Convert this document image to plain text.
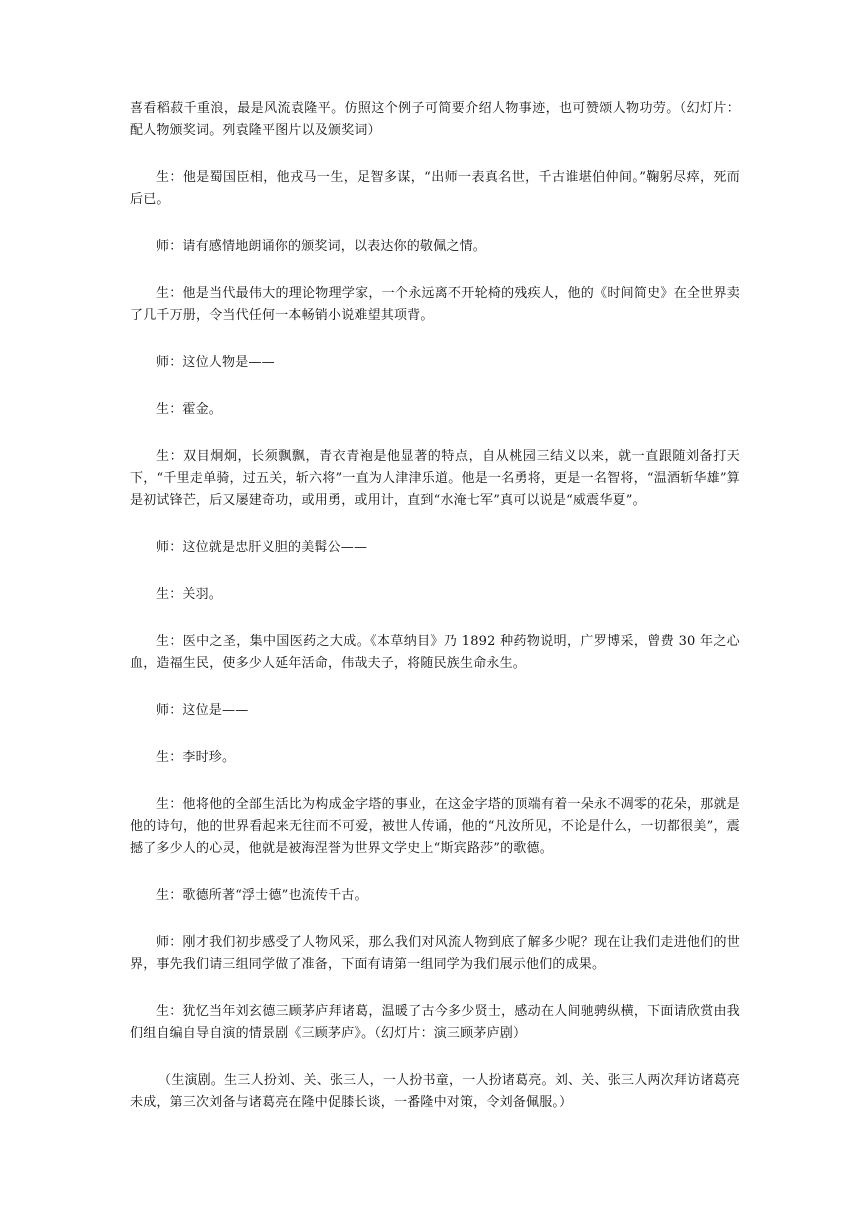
喜看稻菽千重浪，最是风流袁隆平。仿照这个例子可简要介绍人物事迹，也可赞颂人物功劳。（幻灯片：配人物颁奖词。列袁隆平图片以及颁奖词）

生：他是蜀国臣相，他戎马一生，足智多谋，“出师一表真名世，千古谁堪伯仲间。”鞠躬尽瘁，死而后已。

师：请有感情地朗诵你的颁奖词，以表达你的敬佩之情。

生：他是当代最伟大的理论物理学家，一个永远离不开轮椅的残疾人，他的《时间简史》在全世界卖了几千万册，令当代任何一本畅销小说难望其项背。

师：这位人物是——

生：霍金。

生：双目炯炯，长须飘飘，青衣青袍是他显著的特点，自从桃园三结义以来，就一直跟随刘备打天下，“千里走单骑，过五关，斩六将”一直为人津津乐道。他是一名勇将，更是一名智将，“温酒斩华雄”算是初试锋芒，后又屡建奇功，或用勇，或用计，直到“水淹七军”真可以说是“威震华夏”。

师：这位就是忠肝义胆的美髯公——

生：关羽。

生：医中之圣，集中国医药之大成。《本草纳目》乃 1892 种药物说明，广罗博采，曾费 30 年之心血，造福生民，使多少人延年活命，伟哉夫子，将随民族生命永生。

师：这位是——

生：李时珍。

生：他将他的全部生活比为构成金字塔的事业，在这金字塔的顶端有着一朵永不凋零的花朵，那就是他的诗句，他的世界看起来无往而不可爱，被世人传诵，他的“凡汝所见，不论是什么，一切都很美”，震撼了多少人的心灵，他就是被海涅誉为世界文学史上“斯宾路莎”的歌德。

生：歌德所著“浮士德”也流传千古。

师：刚才我们初步感受了人物风采，那么我们对风流人物到底了解多少呢？现在让我们走进他们的世界，事先我们请三组同学做了准备，下面有请第一组同学为我们展示他们的成果。

生：犹忆当年刘玄德三顾茅庐拜诸葛，温暖了古今多少贤士，感动在人间驰骋纵横，下面请欣赏由我们组自编自导自演的情景剧《三顾茅庐》。（幻灯片：演三顾茅庐剧）

（生演剧。生三人扮刘、关、张三人，一人扮书童，一人扮诸葛亮。刘、关、张三人两次拜访诸葛亮未成，第三次刘备与诸葛亮在隆中促膝长谈，一番隆中对策，令刘备佩服。）
